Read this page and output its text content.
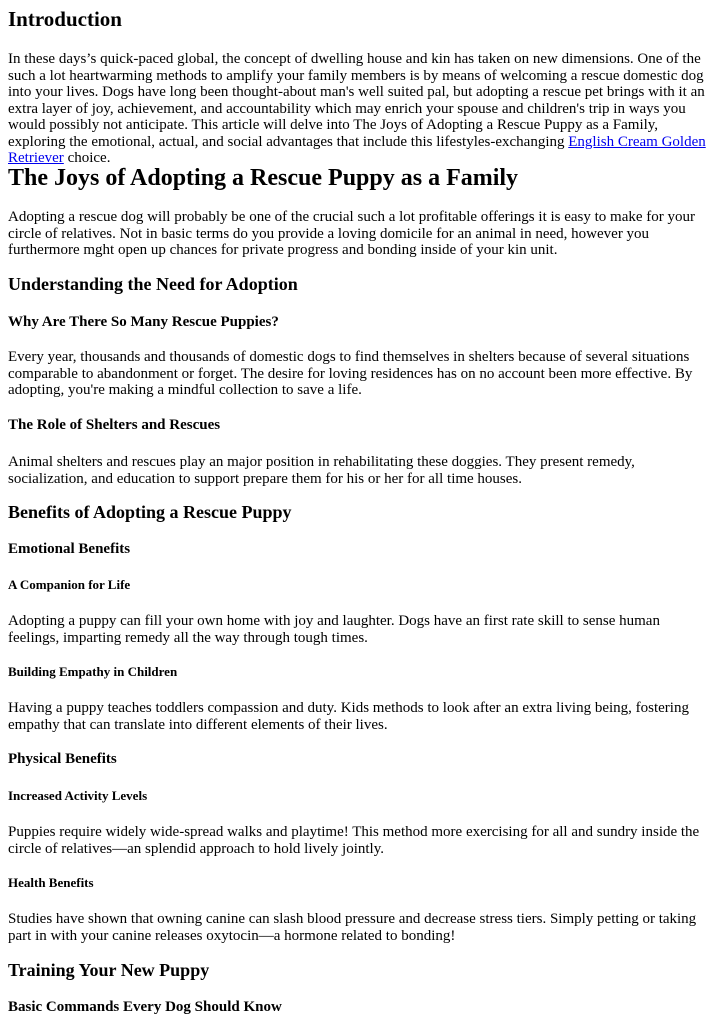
Introduction

In these days’s quick-paced global, the concept of dwelling house and kin has taken on new dimensions. One of the such a lot heartwarming methods to amplify your family members is by means of welcoming a rescue domestic dog into your lives. Dogs have long been thought-about man's well suited pal, but adopting a rescue pet brings with it an extra layer of joy, achievement, and accountability which may enrich your spouse and children's trip in ways you would possibly not anticipate. This article will delve into The Joys of Adopting a Rescue Puppy as a Family, exploring the emotional, actual, and social advantages that include this lifestyles-exchanging English Cream Golden Retriever choice.

The Joys of Adopting a Rescue Puppy as a Family

Adopting a rescue dog will probably be one of the crucial such a lot profitable offerings it is easy to make for your circle of relatives. Not in basic terms do you provide a loving domicile for an animal in need, however you furthermore mght open up chances for private progress and bonding inside of your kin unit.

Understanding the Need for Adoption
Why Are There So Many Rescue Puppies?

Every year, thousands and thousands of domestic dogs to find themselves in shelters because of several situations comparable to abandonment or forget. The desire for loving residences has on no account been more effective. By adopting, you're making a mindful collection to save a life.

The Role of Shelters and Rescues

Animal shelters and rescues play an major position in rehabilitating these doggies. They present remedy, socialization, and education to support prepare them for his or her for all time houses.

Benefits of Adopting a Rescue Puppy
Emotional Benefits
A Companion for Life

Adopting a puppy can fill your own home with joy and laughter. Dogs have an first rate skill to sense human feelings, imparting remedy all the way through tough times.

Building Empathy in Children

Having a puppy teaches toddlers compassion and duty. Kids methods to look after an extra living being, fostering empathy that can translate into different elements of their lives.

Physical Benefits
Increased Activity Levels

Puppies require widely wide-spread walks and playtime! This method more exercising for all and sundry inside the circle of relatives—an splendid approach to hold lively jointly.

Health Benefits

Studies have shown that owning canine can slash blood pressure and decrease stress tiers. Simply petting or taking part in with your canine releases oxytocin—a hormone related to bonding!

Training Your New Puppy
Basic Commands Every Dog Should Know
